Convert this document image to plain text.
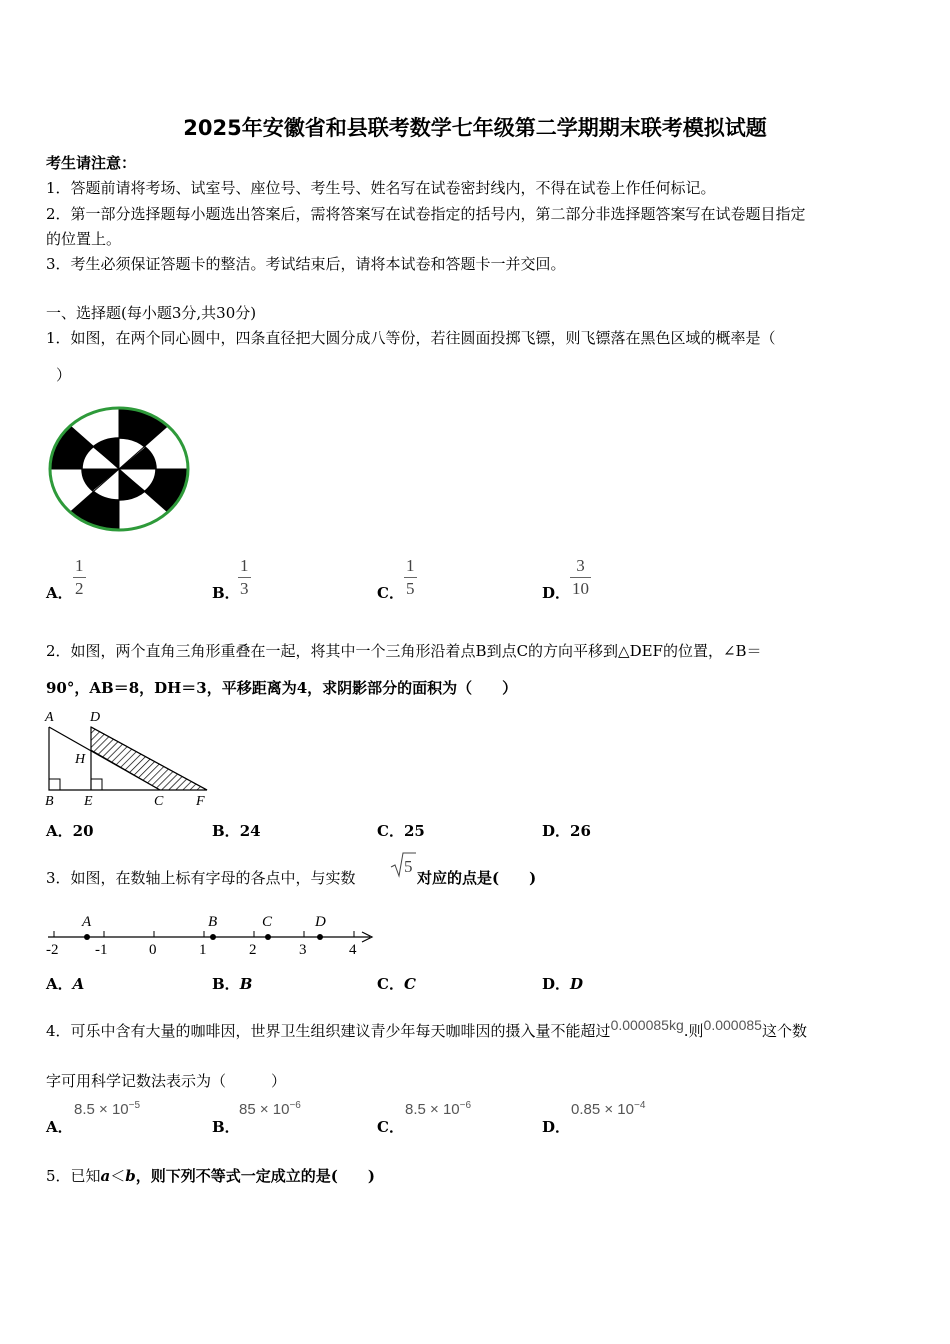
2025年安徽省和县联考数学七年级第二学期期末联考模拟试题
考生请注意：
1．答题前请将考场、试室号、座位号、考生号、姓名写在试卷密封线内，不得在试卷上作任何标记。
2．第一部分选择题每小题选出答案后，需将答案写在试卷指定的括号内，第二部分非选择题答案写在试卷题目指定
的位置上。
3．考生必须保证答题卡的整洁。考试结束后，请将本试卷和答题卡一并交回。
一、选择题(每小题3分,共30分)
1．如图，在两个同心圆中，四条直径把大圆分成八等份，若往圆面投掷飞镖，则飞镖落在黑色区域的概率是（
）
A．
1
2	B．
1
3	C．
1
5	D．
3
10
2．如图，两个直角三角形重叠在一起，将其中一个三角形沿着点B到点C的方向平移到△DEF的位置，∠B＝
90°，AB＝8，DH＝3，平移距离为4，求阴影部分的面积为（　　）
A	D
H
B E	C F
A．20	B．24	C．25	D．26
3．如图，在数轴上标有字母的各点中，与实数
5
对应的点是(　　)
-2 -1	0	1	2	3	4
A	B	C	D
A．A	B．B	C．C	D．D
4．可乐中含有大量的咖啡因，世界卫生组织建议青少年每天咖啡因的摄入量不能超过0.000085kg.则0.000085这个数
字可用科学记数法表示为（　　　）
A．
$8.5 \times 10^{-5}$
B．
$85 \times 10^{-6}$
C．
$8.5 \times 10^{-6}$
D．
$0.85 \times 10^{-4}$
5．已知a＜b，则下列不等式一定成立的是(　　)
